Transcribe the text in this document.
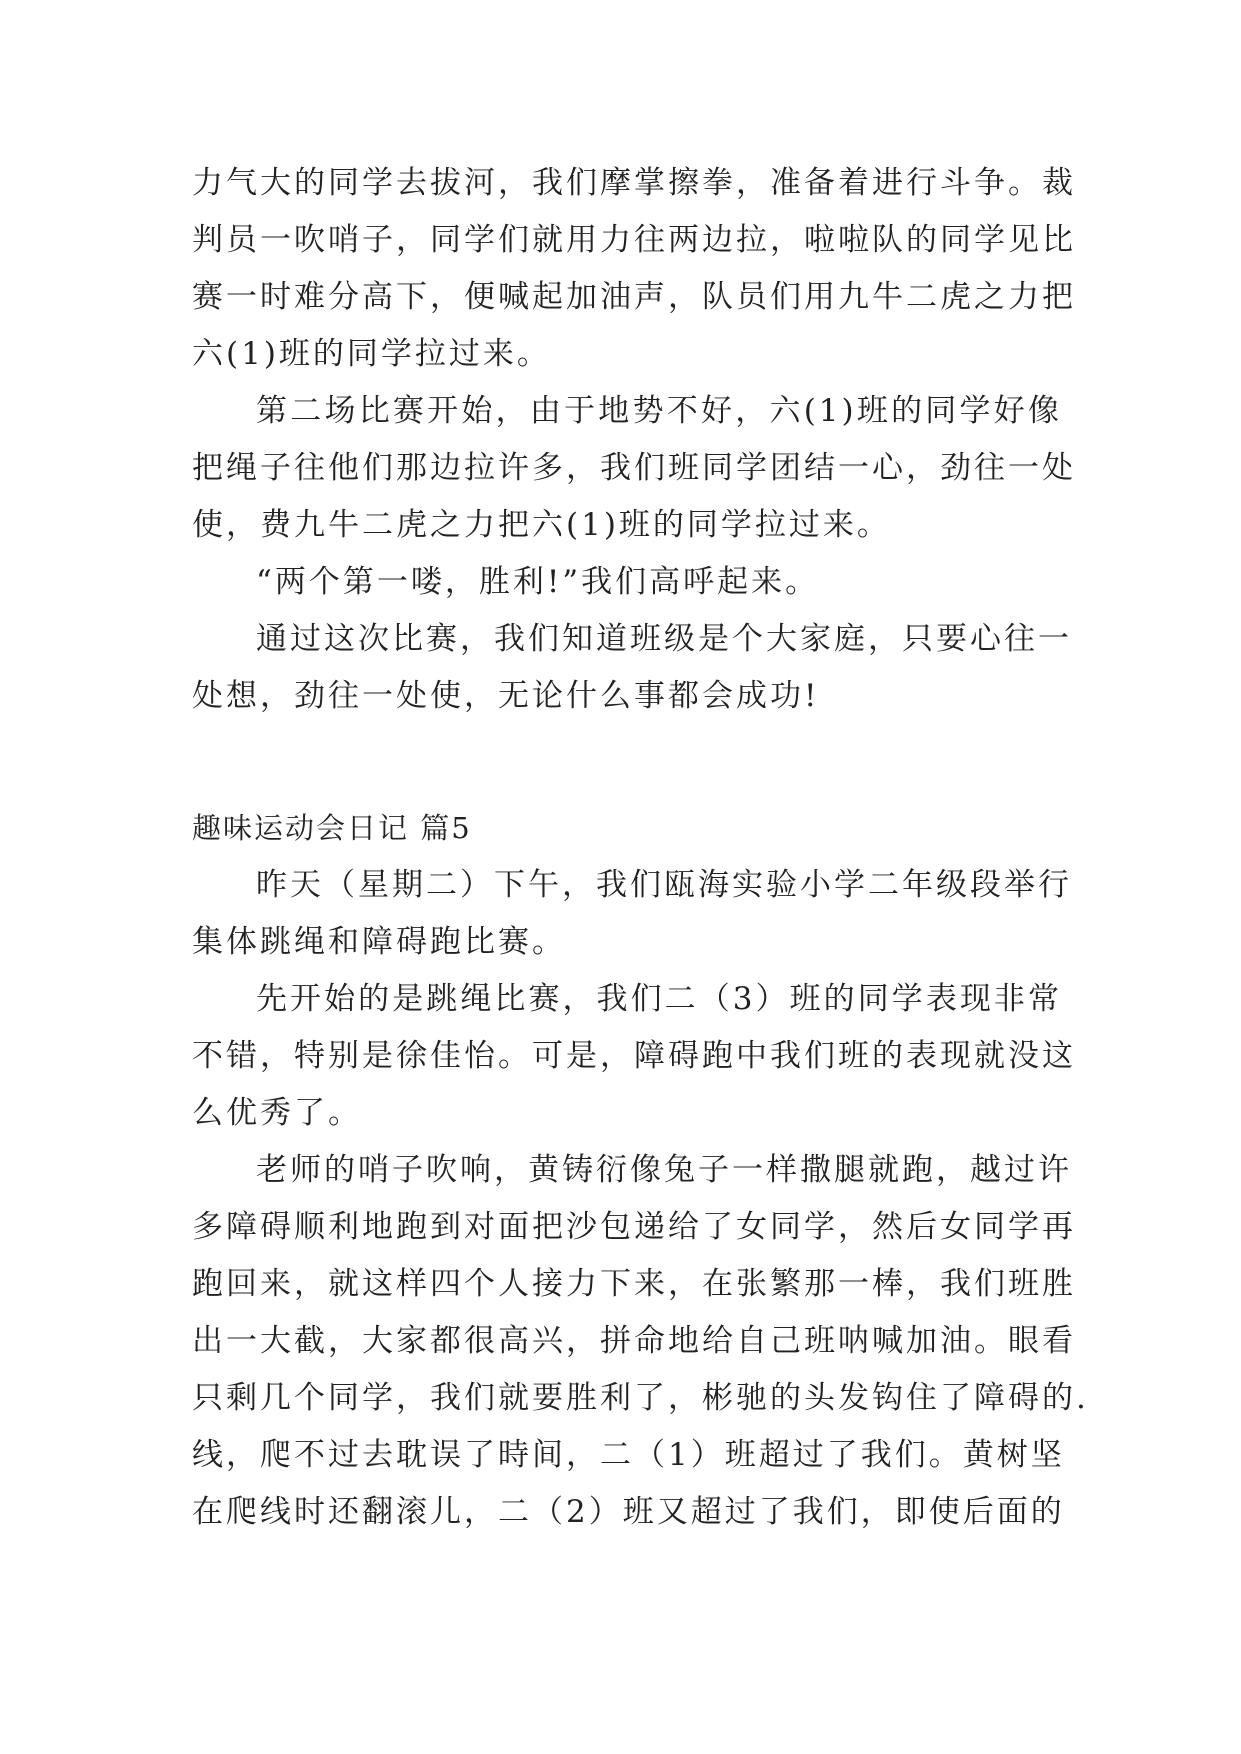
力气大的同学去拔河，我们摩掌擦拳，准备着进行斗争。裁
判员一吹哨子，同学们就用力往两边拉，啦啦队的同学见比
赛一时难分高下，便喊起加油声，队员们用九牛二虎之力把
六(1)班的同学拉过来。
第二场比赛开始，由于地势不好，六(1)班的同学好像
把绳子往他们那边拉许多，我们班同学团结一心，劲往一处
使，费九牛二虎之力把六(1)班的同学拉过来。
“两个第一喽，胜利!”我们高呼起来。
通过这次比赛，我们知道班级是个大家庭，只要心往一
处想，劲往一处使，无论什么事都会成功!
趣味运动会日记 篇5
昨天（星期二）下午，我们瓯海实验小学二年级段举行
集体跳绳和障碍跑比赛。
先开始的是跳绳比赛，我们二（3）班的同学表现非常
不错，特别是徐佳怡。可是，障碍跑中我们班的表现就没这
么优秀了。
老师的哨子吹响，黄铸衍像兔子一样撒腿就跑，越过许
多障碍顺利地跑到对面把沙包递给了女同学，然后女同学再
跑回来，就这样四个人接力下来，在张繁那一棒，我们班胜
出一大截，大家都很高兴，拼命地给自己班呐喊加油。眼看
只剩几个同学，我们就要胜利了，彬驰的头发钩住了障碍的.
线，爬不过去耽误了時间，二（1）班超过了我们。黄树坚
在爬线时还翻滚儿，二（2）班又超过了我们，即使后面的
